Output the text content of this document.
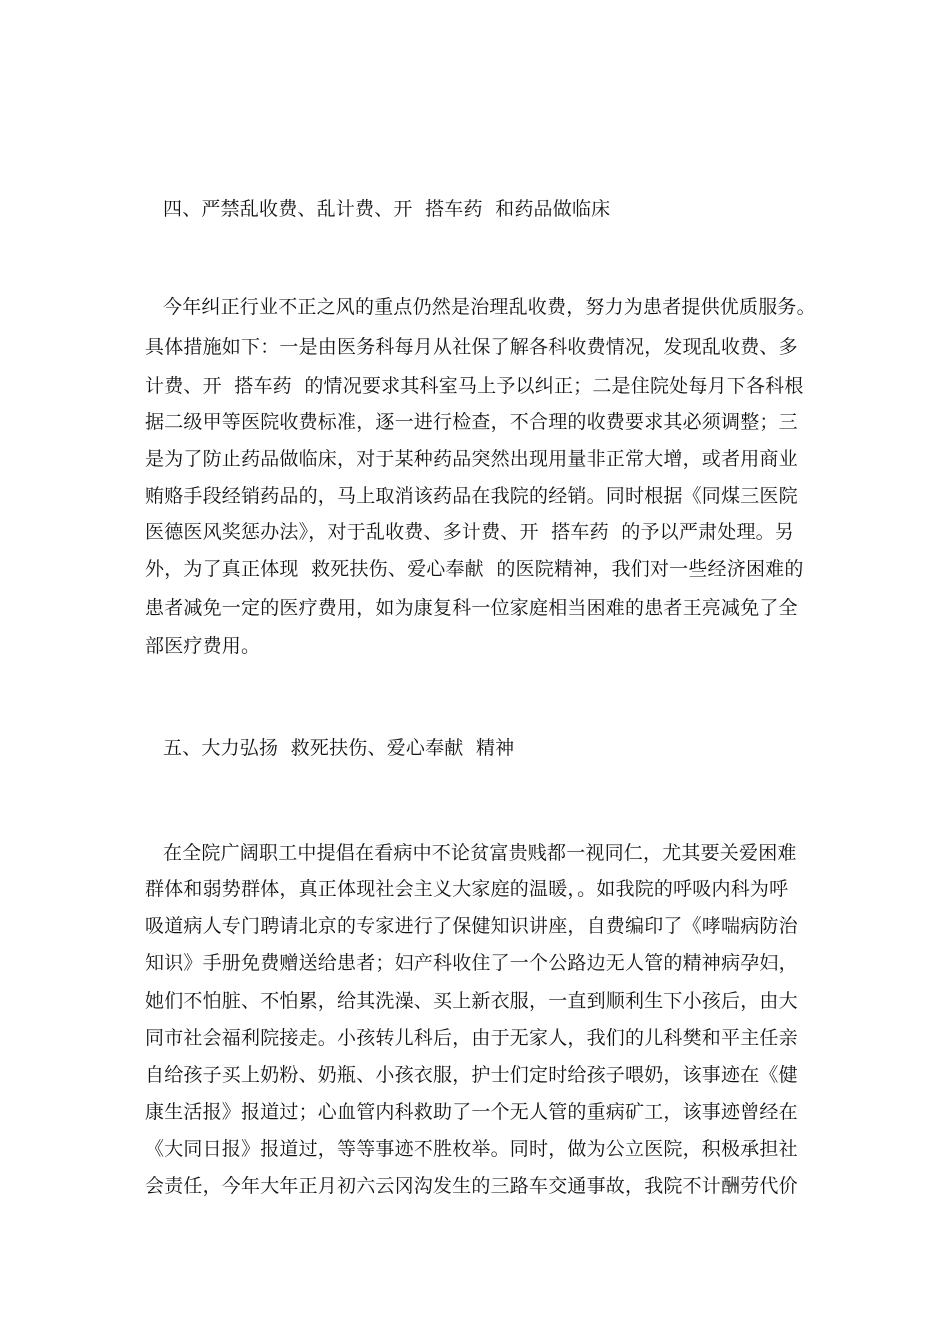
四、严禁乱收费、乱计费、开  搭车药  和药品做临床
今年纠正行业不正之风的重点仍然是治理乱收费，努力为患者提供优质服务。
具体措施如下：一是由医务科每月从社保了解各科收费情况，发现乱收费、多
计费、开  搭车药  的情况要求其科室马上予以纠正；二是住院处每月下各科根
据二级甲等医院收费标准，逐一进行检查，不合理的收费要求其必须调整；三
是为了防止药品做临床，对于某种药品突然出现用量非正常大增，或者用商业
贿赂手段经销药品的，马上取消该药品在我院的经销。同时根据《同煤三医院
医德医风奖惩办法》，对于乱收费、多计费、开  搭车药  的予以严肃处理。另
外，为了真正体现  救死扶伤、爱心奉献  的医院精神，我们对一些经济困难的
患者减免一定的医疗费用，如为康复科一位家庭相当困难的患者王亮减免了全
部医疗费用。
五、大力弘扬  救死扶伤、爱心奉献  精神
在全院广阔职工中提倡在看病中不论贫富贵贱都一视同仁，尤其要关爱困难
群体和弱势群体，真正体现社会主义大家庭的温暖，。如我院的呼吸内科为呼
吸道病人专门聘请北京的专家进行了保健知识讲座，自费编印了《哮喘病防治
知识》手册免费赠送给患者；妇产科收住了一个公路边无人管的精神病孕妇，
她们不怕脏、不怕累，给其洗澡、买上新衣服，一直到顺利生下小孩后，由大
同市社会福利院接走。小孩转儿科后，由于无家人，我们的儿科樊和平主任亲
自给孩子买上奶粉、奶瓶、小孩衣服，护士们定时给孩子喂奶，该事迹在《健
康生活报》报道过；心血管内科救助了一个无人管的重病矿工，该事迹曾经在
《大同日报》报道过，等等事迹不胜枚举。同时，做为公立医院，积极承担社
会责任，今年大年正月初六云冈沟发生的三路车交通事故，我院不计酬劳代价
